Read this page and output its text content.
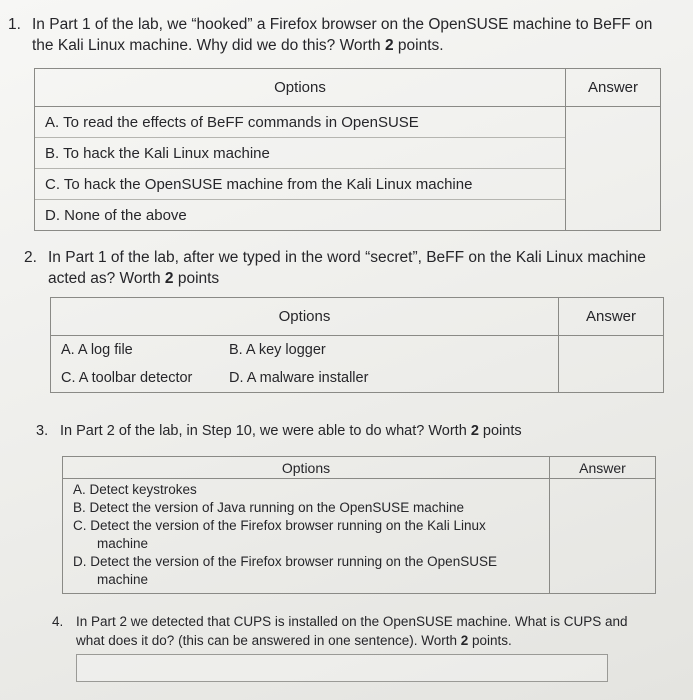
1. In Part 1 of the lab, we “hooked” a Firefox browser on the OpenSUSE machine to BeFF on the Kali Linux machine. Why did we do this? Worth 2 points.
Options	Answer

A. To read the effects of BeFF commands in OpenSUSE
B. To hack the Kali Linux machine
C. To hack the OpenSUSE machine from the Kali Linux machine
D. None of the above	

2. In Part 1 of the lab, after we typed in the word “secret”, BeFF on the Kali Linux machine acted as? Worth 2 points
Options	Answer

A. A log file B. A key logger
C. A toolbar detector D. A malware installer	

3. In Part 2 of the lab, in Step 10, we were able to do what? Worth 2 points
Options	Answer

A. Detect keystrokes
B. Detect the version of Java running on the OpenSUSE machine
C. Detect the version of the Firefox browser running on the Kali Linux machine
D. Detect the version of the Firefox browser running on the OpenSUSE machine	

4. In Part 2 we detected that CUPS is installed on the OpenSUSE machine. What is CUPS and what does it do? (this can be answered in one sentence). Worth 2 points.
